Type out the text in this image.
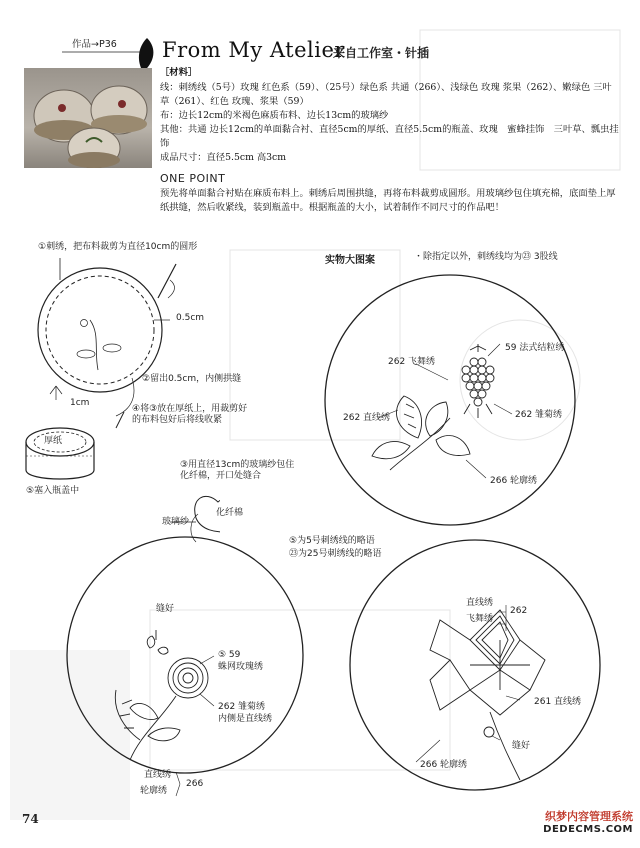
作品→P36 From My Atelier
来自工作室・针插
［材料］
线：刺绣线（5号）玫瑰 红色系（59）、（25号）绿色系 共通（266）、浅绿色 玫瑰 浆果（262）、嫩绿色 三叶草（261）、红色 玫瑰、浆果（59）
布：边长12cm的米褐色麻质布料、边长13cm的玻璃纱
其他：共通 边长12cm的单面黏合衬、直径5cm的厚纸、直径5.5cm的瓶盖、玫瑰　蜜蜂挂饰　三叶草、瓢虫挂饰
成品尺寸：直径5.5cm 高3cm
ONE POINT
预先将单面黏合衬贴在麻质布料上。刺绣后周围拱缝，再将布料裁剪成圆形。用玻璃纱包住填充棉，底面垫上厚纸拱缝，然后收紧线，装到瓶盖中。根据瓶盖的大小，试着制作不同尺寸的作品吧！
①刺绣，把布料裁剪为直径10cm的圆形
0.5cm
②留出0.5cm，内侧拱缝
1cm
④将③放在厚纸上，用裁剪好的布料包好后将线收紧
厚纸
⑤塞入瓶盖中
③用直径13cm的玻璃纱包住化纤棉，开口处缝合
化纤棉
玻璃纱
实物大图案	・除指定以外，刺绣线均为㉓ 3股线
⑤为5号刺绣线的略语
㉓为25号刺绣线的略语
262 飞舞绣
59 法式结粒绣
262 直线绣	262 雏菊绣
266 轮廓绣
缝好
⑤ 59
蛛网玫瑰绣
262 雏菊绣
内侧是直线绣
直线绣
轮廓绣
266
直线绣
飞舞绣
262
261 直线绣
缝好
266 轮廓绣
74	织梦内容管理系统
DEDECMS.COM
